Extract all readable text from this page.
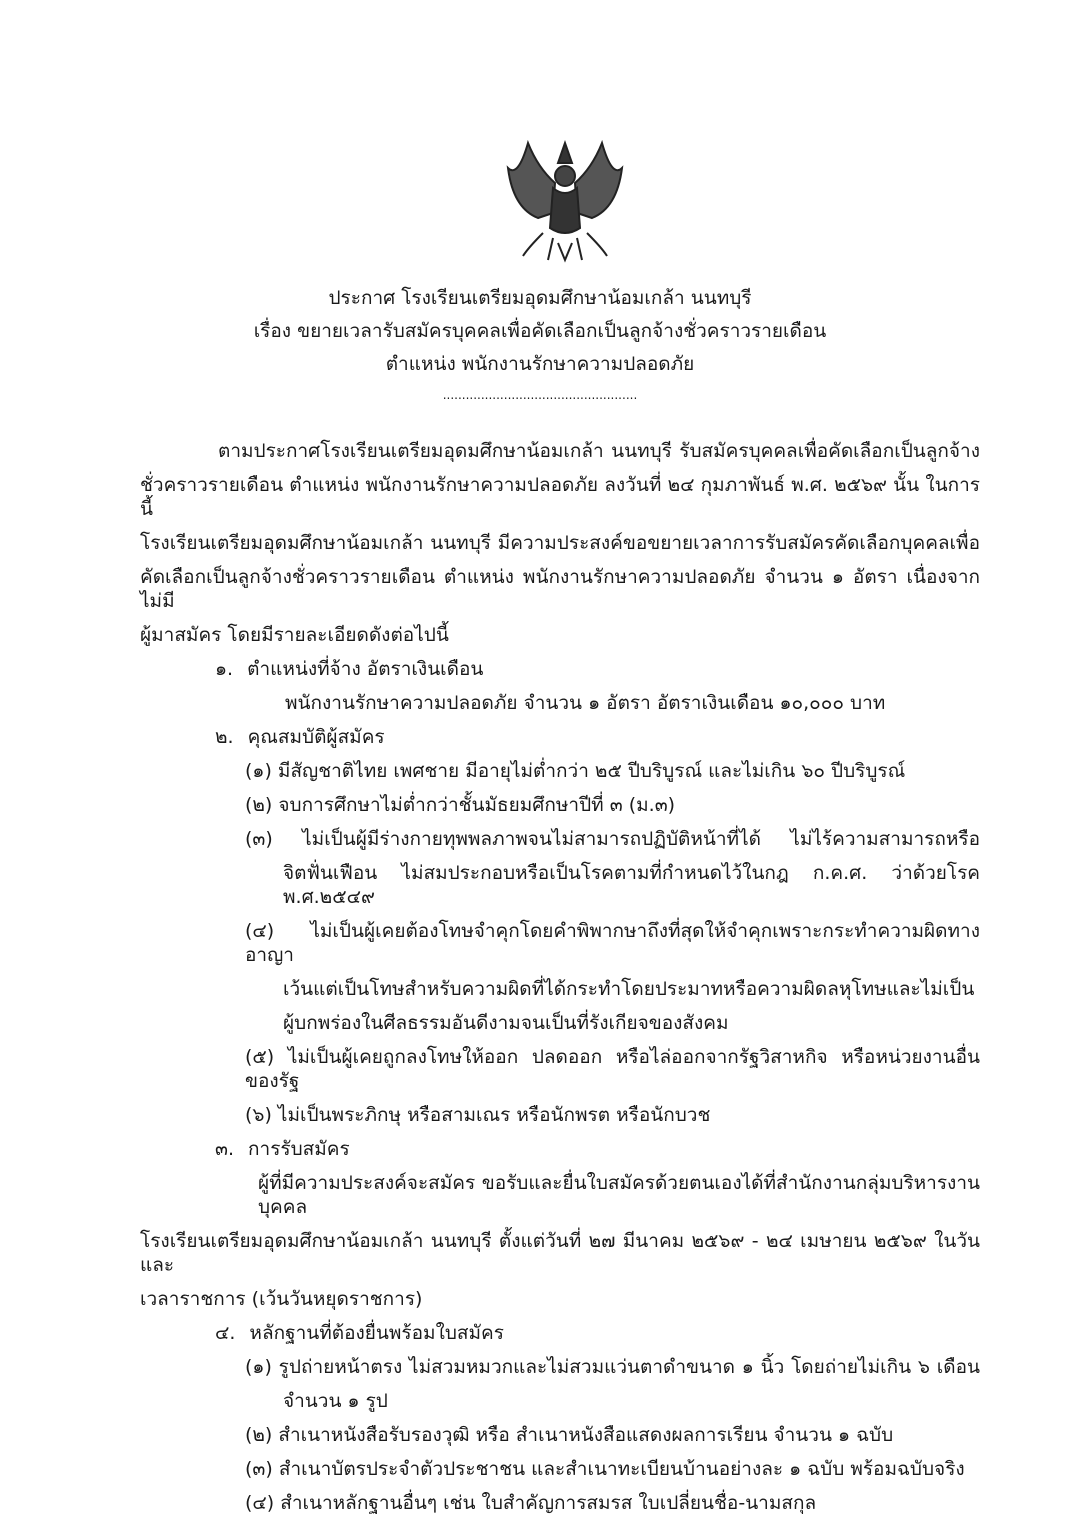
ประกาศ โรงเรียนเตรียมอุดมศึกษาน้อมเกล้า นนทบุรี
เรื่อง ขยายเวลารับสมัครบุคคลเพื่อคัดเลือกเป็นลูกจ้างชั่วคราวรายเดือน
ตำแหน่ง พนักงานรักษาความปลอดภัย
...................................................
ตามประกาศโรงเรียนเตรียมอุดมศึกษาน้อมเกล้า นนทบุรี รับสมัครบุคคลเพื่อคัดเลือกเป็นลูกจ้าง
ชั่วคราวรายเดือน ตำแหน่ง พนักงานรักษาความปลอดภัย ลงวันที่ ๒๔ กุมภาพันธ์ พ.ศ. ๒๕๖๙ นั้น ในการนี้
โรงเรียนเตรียมอุดมศึกษาน้อมเกล้า นนทบุรี มีความประสงค์ขอขยายเวลาการรับสมัครคัดเลือกบุคคลเพื่อ
คัดเลือกเป็นลูกจ้างชั่วคราวรายเดือน ตำแหน่ง พนักงานรักษาความปลอดภัย จำนวน ๑ อัตรา เนื่องจากไม่มี
ผู้มาสมัคร โดยมีรายละเอียดดังต่อไปนี้
๑. ตำแหน่งที่จ้าง อัตราเงินเดือน
พนักงานรักษาความปลอดภัย จำนวน ๑ อัตรา อัตราเงินเดือน ๑๐,๐๐๐ บาท
๒. คุณสมบัติผู้สมัคร
(๑) มีสัญชาติไทย เพศชาย มีอายุไม่ต่ำกว่า ๒๕ ปีบริบูรณ์ และไม่เกิน ๖๐ ปีบริบูรณ์
(๒) จบการศึกษาไม่ต่ำกว่าชั้นมัธยมศึกษาปีที่ ๓ (ม.๓)
(๓) ไม่เป็นผู้มีร่างกายทุพพลภาพจนไม่สามารถปฏิบัติหน้าที่ได้ ไม่ไร้ความสามารถหรือ
จิตฟั่นเฟือน ไม่สมประกอบหรือเป็นโรคตามที่กำหนดไว้ในกฎ ก.ค.ศ. ว่าด้วยโรค พ.ศ.๒๕๔๙
(๔) ไม่เป็นผู้เคยต้องโทษจำคุกโดยคำพิพากษาถึงที่สุดให้จำคุกเพราะกระทำความผิดทางอาญา
เว้นแต่เป็นโทษสำหรับความผิดที่ได้กระทำโดยประมาทหรือความผิดลหุโทษและไม่เป็น
ผู้บกพร่องในศีลธรรมอันดีงามจนเป็นที่รังเกียจของสังคม
(๕) ไม่เป็นผู้เคยถูกลงโทษให้ออก ปลดออก หรือไล่ออกจากรัฐวิสาหกิจ หรือหน่วยงานอื่นของรัฐ
(๖) ไม่เป็นพระภิกษุ หรือสามเณร หรือนักพรต หรือนักบวช
๓. การรับสมัคร
ผู้ที่มีความประสงค์จะสมัคร ขอรับและยื่นใบสมัครด้วยตนเองได้ที่สำนักงานกลุ่มบริหารงานบุคคล
โรงเรียนเตรียมอุดมศึกษาน้อมเกล้า นนทบุรี ตั้งแต่วันที่ ๒๗ มีนาคม ๒๕๖๙ - ๒๔ เมษายน ๒๕๖๙ ในวันและ
เวลาราชการ (เว้นวันหยุดราชการ)
๔. หลักฐานที่ต้องยื่นพร้อมใบสมัคร
(๑) รูปถ่ายหน้าตรง ไม่สวมหมวกและไม่สวมแว่นตาดำขนาด ๑ นิ้ว โดยถ่ายไม่เกิน ๖ เดือน
จำนวน ๑ รูป
(๒) สำเนาหนังสือรับรองวุฒิ หรือ สำเนาหนังสือแสดงผลการเรียน จำนวน ๑ ฉบับ
(๓) สำเนาบัตรประจำตัวประชาชน และสำเนาทะเบียนบ้านอย่างละ ๑ ฉบับ พร้อมฉบับจริง
(๔) สำเนาหลักฐานอื่นๆ เช่น ใบสำคัญการสมรส ใบเปลี่ยนชื่อ-นามสกุล
